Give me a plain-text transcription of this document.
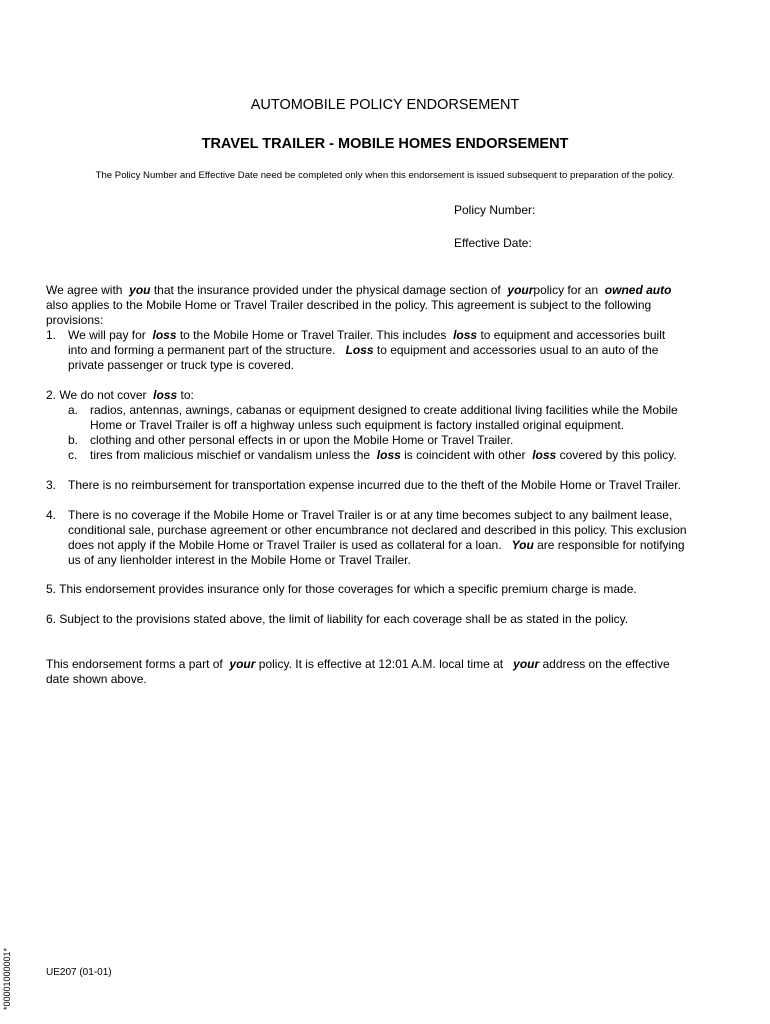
AUTOMOBILE POLICY ENDORSEMENT
TRAVEL TRAILER - MOBILE HOMES ENDORSEMENT
The Policy Number and Effective Date need be completed only when this endorsement is issued subsequent to preparation of the policy.
Policy Number:
Effective Date:
We agree with you that the insurance provided under the physical damage section of yourpolicy for an owned auto
also applies to the Mobile Home or Travel Trailer described in the policy. This agreement is subject to the following
provisions:
1. We will pay for loss to the Mobile Home or Travel Trailer. This includes loss to equipment and accessories built
into and forming a permanent part of the structure. Loss to equipment and accessories usual to an auto of the
private passenger or truck type is covered.
2. We do not cover loss to:
a. radios, antennas, awnings, cabanas or equipment designed to create additional living facilities while the Mobile
Home or Travel Trailer is off a highway unless such equipment is factory installed original equipment.
b. clothing and other personal effects in or upon the Mobile Home or Travel Trailer.
c. tires from malicious mischief or vandalism unless the loss is coincident with other loss covered by this policy.
3. There is no reimbursement for transportation expense incurred due to the theft of the Mobile Home or Travel Trailer.
4. There is no coverage if the Mobile Home or Travel Trailer is or at any time becomes subject to any bailment lease,
conditional sale, purchase agreement or other encumbrance not declared and described in this policy. This exclusion
does not apply if the Mobile Home or Travel Trailer is used as collateral for a loan. You are responsible for notifying
us of any lienholder interest in the Mobile Home or Travel Trailer.
5. This endorsement provides insurance only for those coverages for which a specific premium charge is made.
6. Subject to the provisions stated above, the limit of liability for each coverage shall be as stated in the policy.
This endorsement forms a part of your policy. It is effective at 12:01 A.M. local time at your address on the effective
date shown above.
UE207 (01-01)
*00001000001*
